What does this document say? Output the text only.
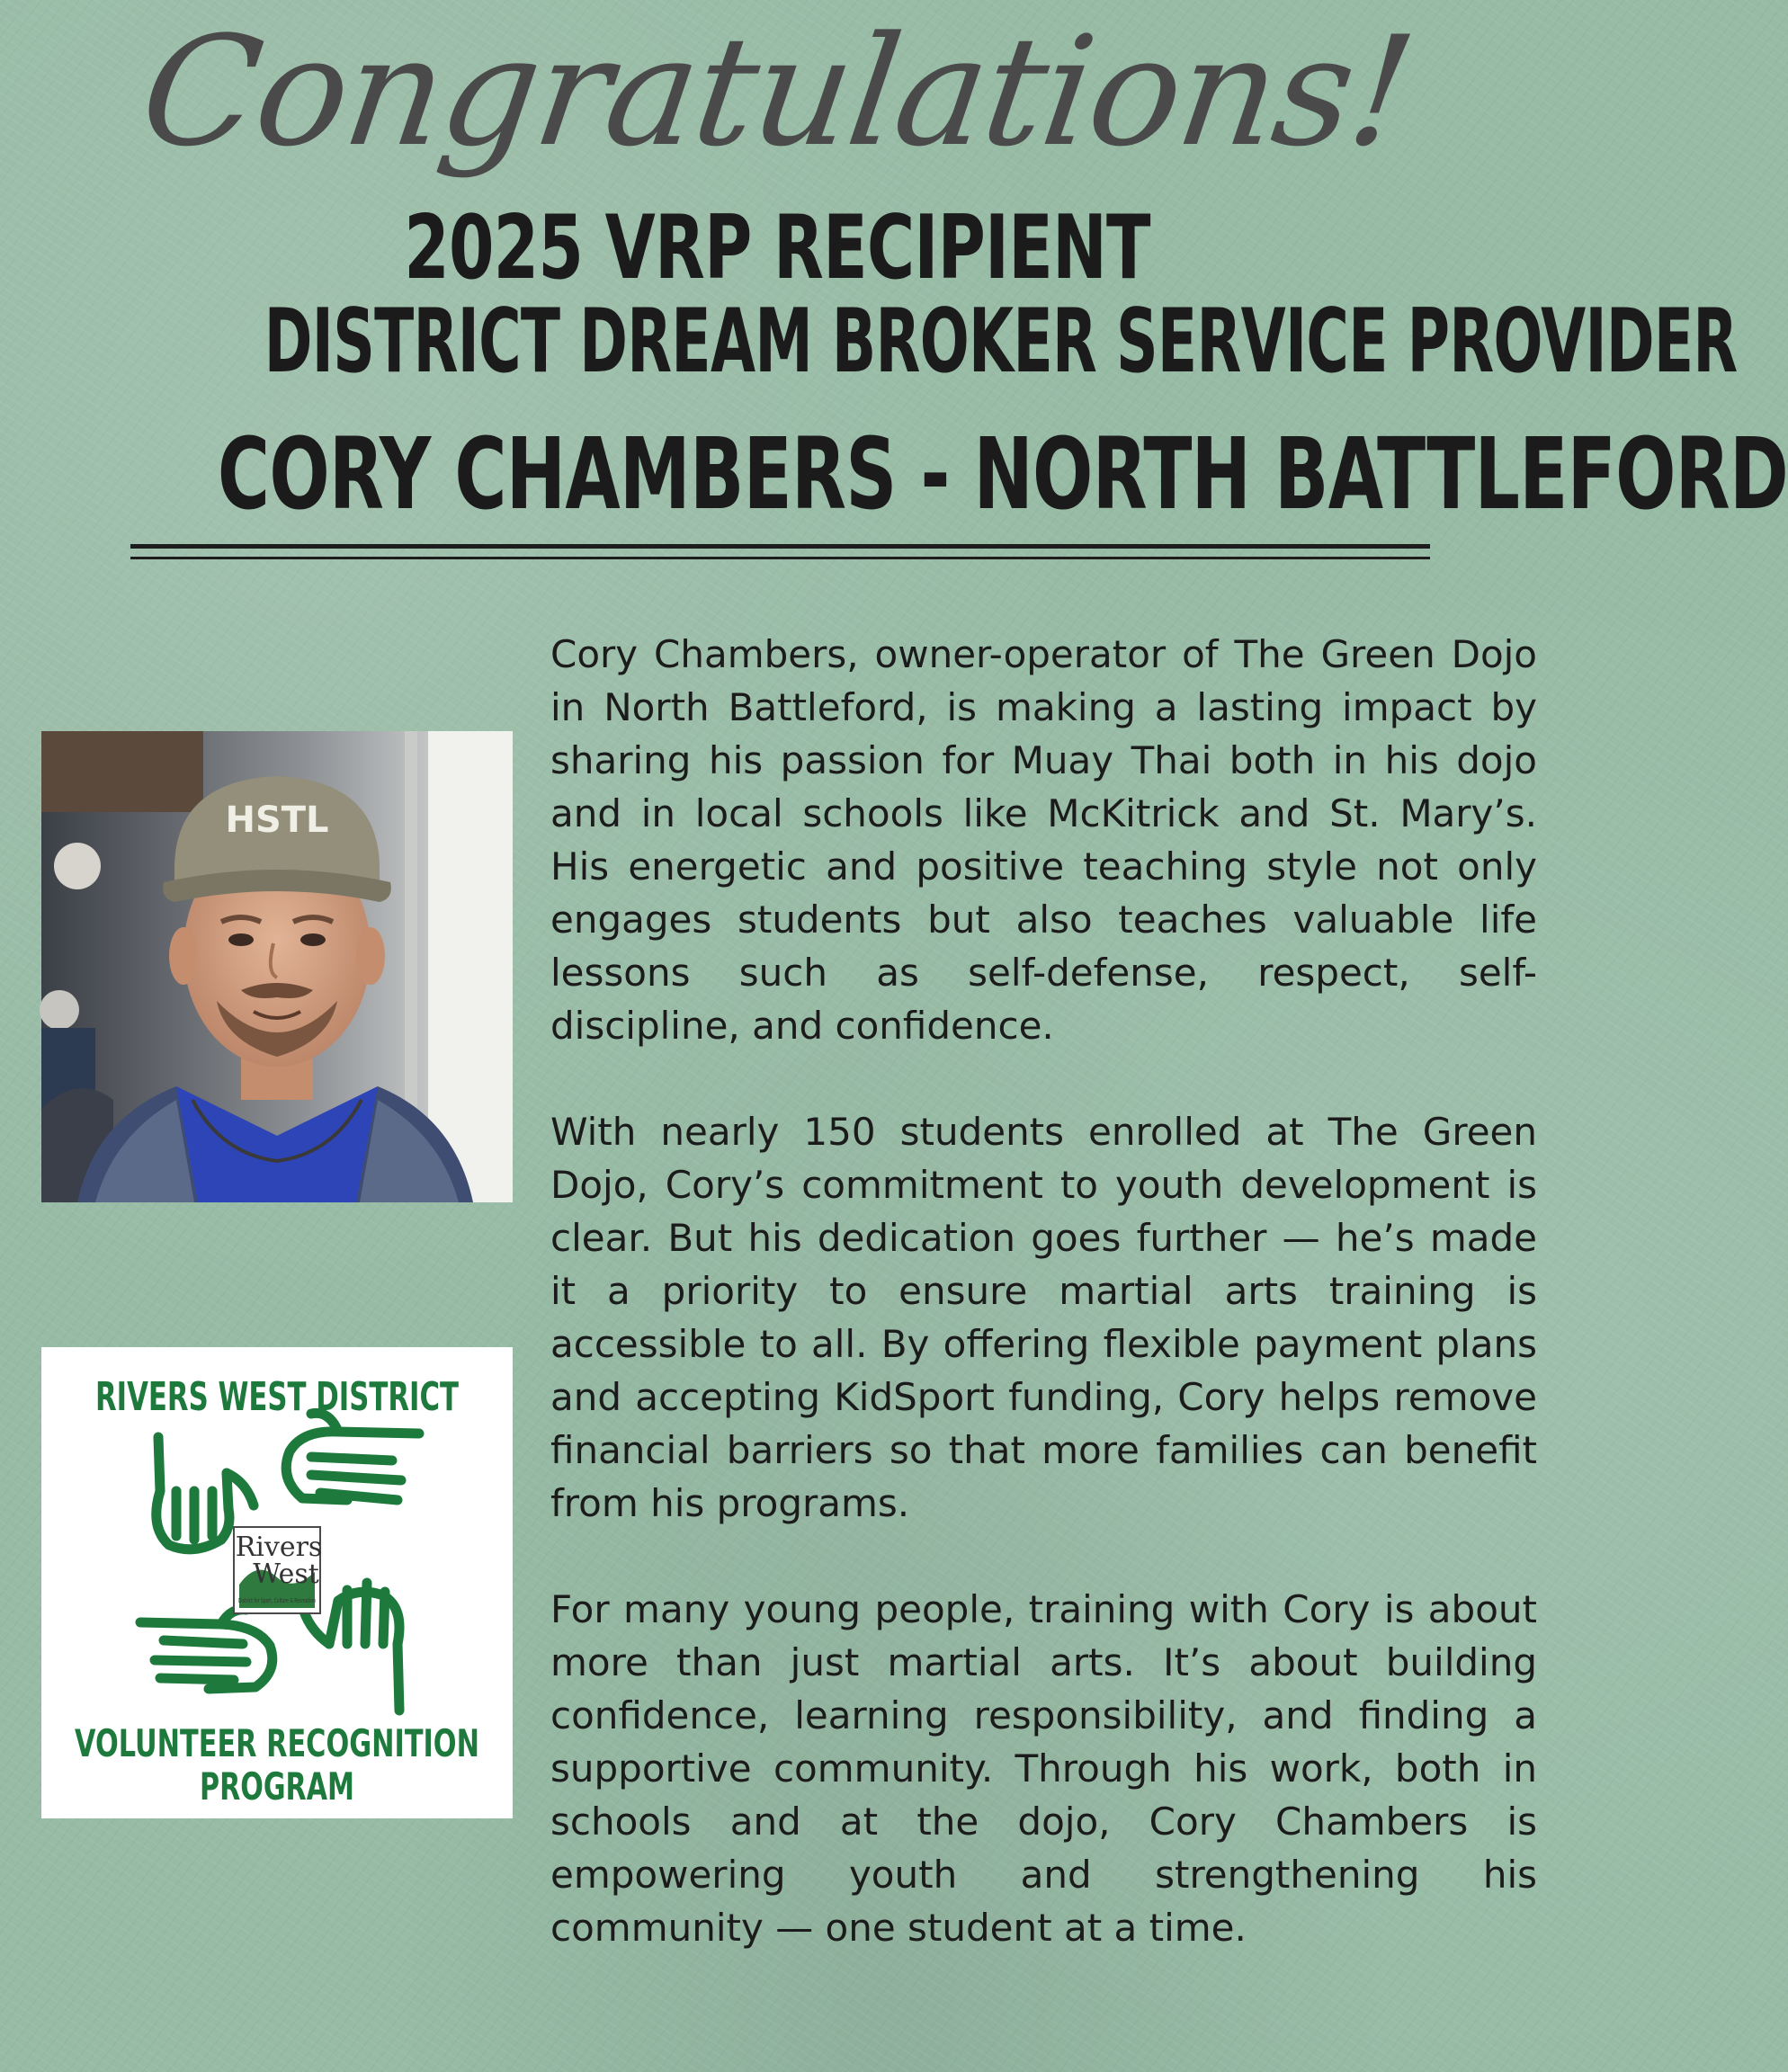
Congratulations!
2025 VRP RECIPIENT
DISTRICT DREAM BROKER SERVICE PROVIDER
CORY CHAMBERS - NORTH BATTLEFORD
HSTL
RIVERS WEST DISTRICT
Rivers
West
District for Sport, Culture & Recreation
VOLUNTEER RECOGNITION
PROGRAM

Cory Chambers, owner-operator of The Green Dojo in North Battleford, is making a lasting impact by sharing his passion for Muay Thai both in his dojo and in local schools like McKitrick and St. Mary’s. His energetic and positive teaching style not only engages students but also teaches valuable life lessons such as self-defense, respect, self-discipline, and confidence.

With nearly 150 students enrolled at The Green Dojo, Cory’s commitment to youth development is clear. But his dedication goes further — he’s made it a priority to ensure martial arts training is accessible to all. By offering flexible payment plans and accepting KidSport funding, Cory helps remove financial barriers so that more families can benefit from his programs.

For many young people, training with Cory is about more than just martial arts. It’s about building confidence, learning responsibility, and finding a supportive community. Through his work, both in schools and at the dojo, Cory Chambers is empowering youth and strengthening his community — one student at a time.
